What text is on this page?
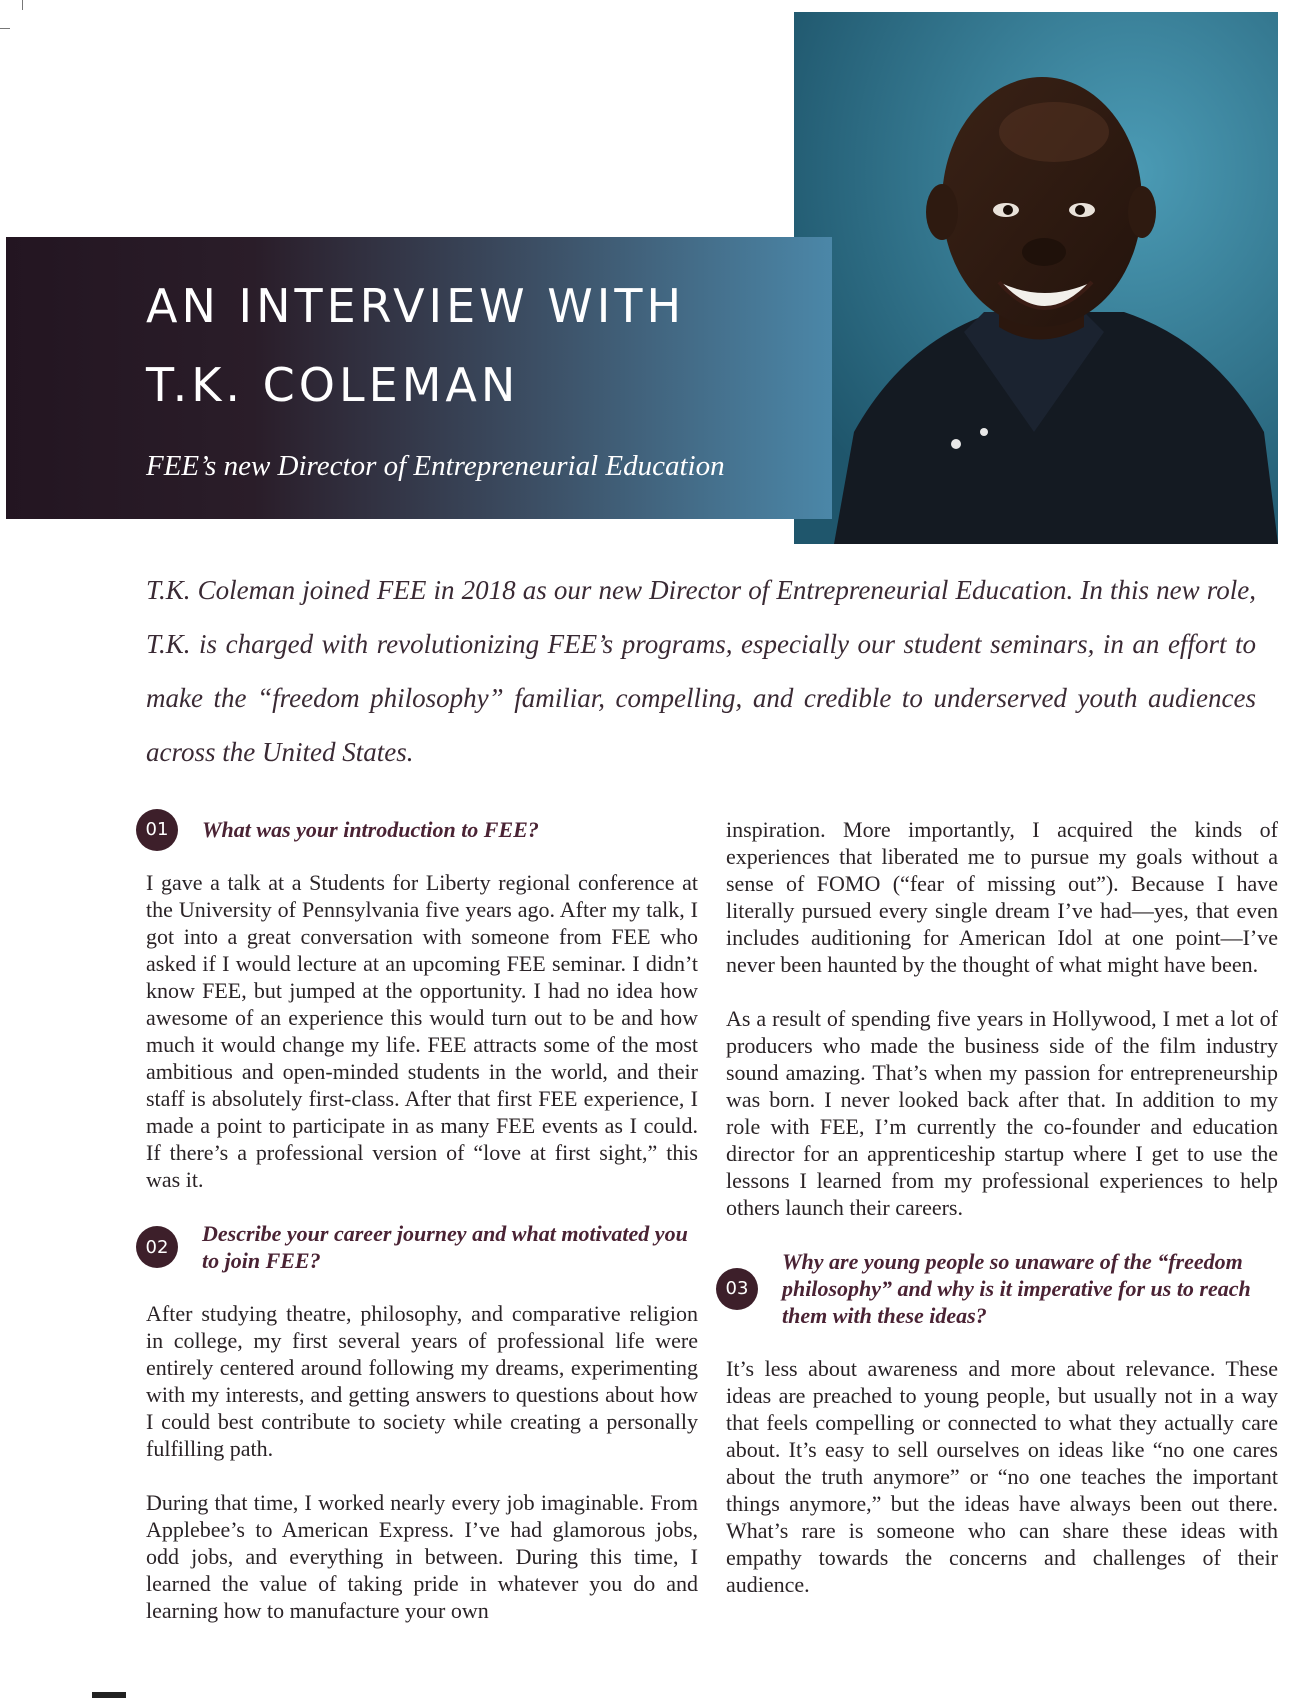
AN INTERVIEW WITH
T.K. COLEMAN

FEE’s new Director of Entrepreneurial Education

T.K. Coleman joined FEE in 2018 as our new Director of Entrepreneurial Education. In this new role, T.K. is charged with revolutionizing FEE’s programs, especially our student seminars, in an effort to make the “freedom philosophy” familiar, compelling, and credible to underserved youth audiences across the United States.

01	What was your introduction to FEE?

I gave a talk at a Students for Liberty regional conference at the University of Pennsylvania five years ago. After my talk, I got into a great conversation with someone from FEE who asked if I would lecture at an upcoming FEE seminar. I didn’t know FEE, but jumped at the opportunity. I had no idea how awesome of an experience this would turn out to be and how much it would change my life. FEE attracts some of the most ambitious and open-minded students in the world, and their staff is absolutely first-class. After that first FEE experience, I made a point to participate in as many FEE events as I could. If there’s a professional version of “love at first sight,” this was it.

02

Describe your career journey and what motivated you to join FEE?

After studying theatre, philosophy, and comparative religion in college, my first several years of professional life were entirely centered around following my dreams, experimenting with my interests, and getting answers to questions about how I could best contribute to society while creating a personally fulfilling path.

During that time, I worked nearly every job imaginable. From Applebee’s to American Express. I’ve had glamorous jobs, odd jobs, and everything in between. During this time, I learned the value of taking pride in whatever you do and learning how to manufacture your own

inspiration. More importantly, I acquired the kinds of experiences that liberated me to pursue my goals without a sense of FOMO (“fear of missing out”). Because I have literally pursued every single dream I’ve had—yes, that even includes auditioning for American Idol at one point—I’ve never been haunted by the thought of what might have been.

As a result of spending five years in Hollywood, I met a lot of producers who made the business side of the film industry sound amazing. That’s when my passion for entrepreneurship was born. I never looked back after that. In addition to my role with FEE, I’m currently the co-founder and education director for an apprenticeship startup where I get to use the lessons I learned from my professional experiences to help others launch their careers.

03

Why are young people so unaware of the “freedom philosophy” and why is it imperative for us to reach them with these ideas?

It’s less about awareness and more about relevance. These ideas are preached to young people, but usually not in a way that feels compelling or connected to what they actually care about. It’s easy to sell ourselves on ideas like “no one cares about the truth anymore” or “no one teaches the important things anymore,” but the ideas have always been out there. What’s rare is someone who can share these ideas with empathy towards the concerns and challenges of their audience.
